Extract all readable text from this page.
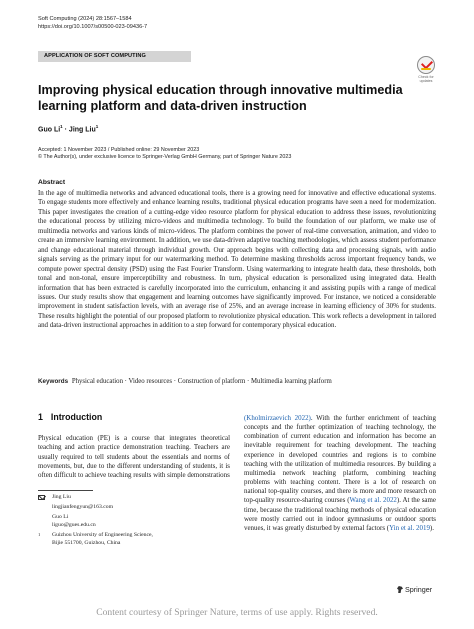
Soft Computing (2024) 28:1567–1584
https://doi.org/10.1007/s00500-023-09436-7
APPLICATION OF SOFT COMPUTING
Check for
updates
Improving physical education through innovative multimedia learning platform and data-driven instruction
Guo $Li^1$ · Jing Liu$^1$
Accepted: 1 November 2023 / Published online: 29 November 2023
© The Author(s), under exclusive licence to Springer-Verlag GmbH Germany, part of Springer Nature 2023
Abstract
In the age of multimedia networks and advanced educational tools, there is a growing need for innovative and effective educational systems. To engage students more effectively and enhance learning results, traditional physical education programs have seen a need for modernization. This paper investigates the creation of a cutting-edge video resource platform for physical education to address these issues, revolutionizing the educational process by utilizing micro-videos and multimedia technology. To build the foundation of our platform, we make use of multimedia networks and various kinds of micro-videos. The platform combines the power of real-time conversation, animation, and video to create an immersive learning environment. In addition, we use data-driven adaptive teaching methodologies, which assess student performance and change educational material through individual growth. Our approach begins with collecting data and processing signals, with audio signals serving as the primary input for our watermarking method. To determine masking thresholds across important frequency bands, we compute power spectral density (PSD) using the Fast Fourier Transform. Using watermarking to integrate health data, these thresholds, both tonal and non-tonal, ensure imperceptibility and robustness. In turn, physical education is personalized using integrated data. Health information that has been extracted is carefully incorporated into the curriculum, enhancing it and assisting pupils with a range of medical issues. Our study results show that engagement and learning outcomes have significantly improved. For instance, we noticed a considerable improvement in student satisfaction levels, with an average rise of 25%, and an average increase in learning efficiency of 30% for students. These results highlight the potential of our proposed platform to revolutionize physical education. This work reflects a development in tailored and data-driven instructional approaches in addition to a step forward for contemporary physical education.
Keywords Physical education · Video resources · Construction of platform · Multimedia learning platform
1 Introduction
Physical education (PE) is a course that integrates theoretical teaching and action practice demonstration teaching. Teachers are usually required to tell students about the essentials and norms of movements, but, due to the different understanding of students, it is often difficult to achieve teaching results with simple demonstrations
(Kholmirzaevich 2022). With the further enrichment of teaching concepts and the further optimization of teaching technology, the combination of current education and information has become an inevitable requirement for teaching development. The teaching experience in developed countries and regions is to combine teaching with the utilization of multimedia resources. By building a multimedia network teaching platform, combining teaching problems with teaching content. There is a lot of research on national top-quality courses, and there is more and more research on top-quality resource-sharing courses (Wang et al. 2022). At the same time, because the traditional teaching methods of physical education were mostly carried out in indoor gymnasiums or outdoor sports venues, it was greatly disturbed by external factors (Yin et al. 2019).
Jing Liu
lingjianfengyun@163.com
Guo Li
liguo@gues.edu.cn
1	Guizhou University of Engineering Science,
Bijie 551700, Guizhou, China
Springer
Content courtesy of Springer Nature, terms of use apply. Rights reserved.
